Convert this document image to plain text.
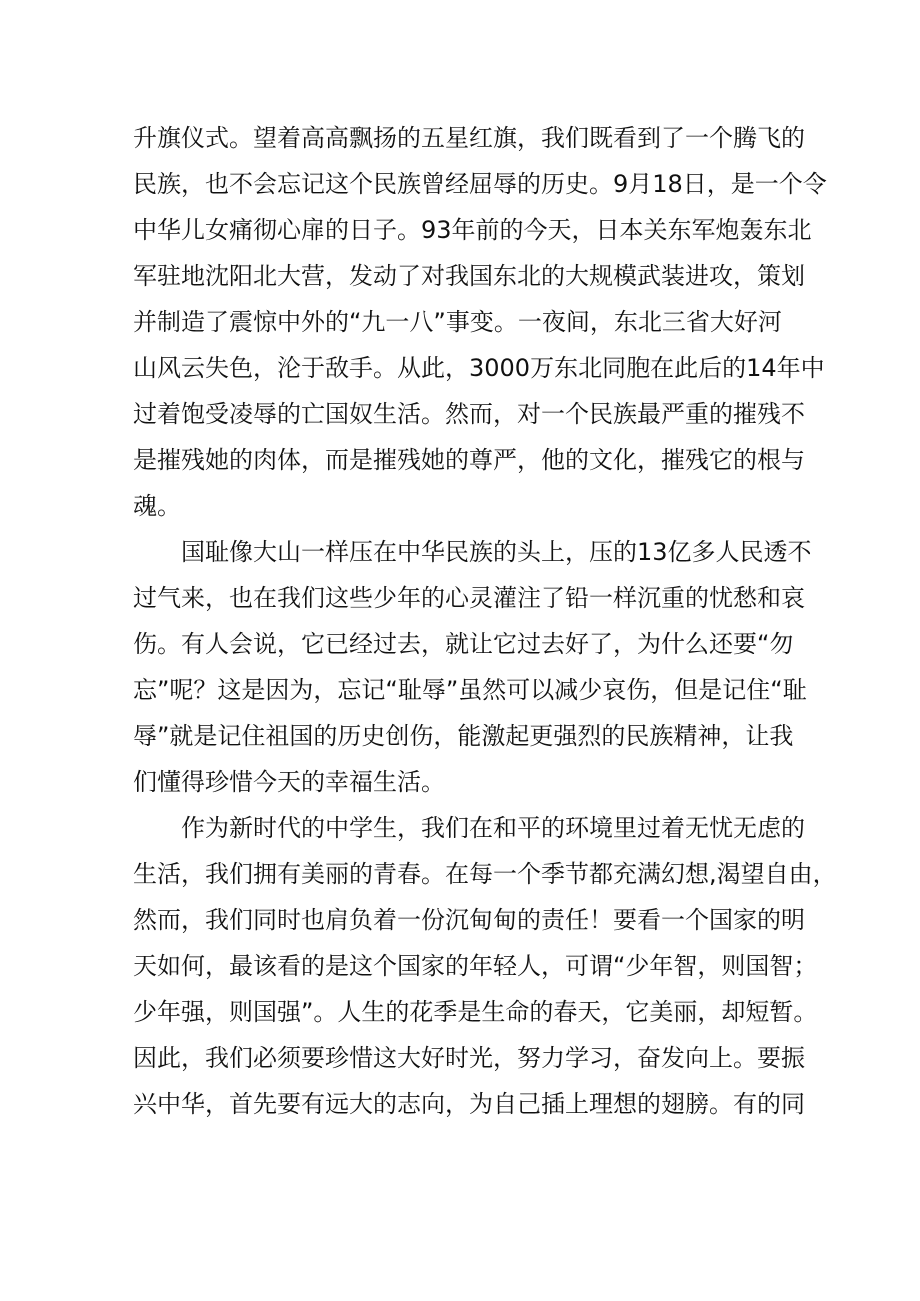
升旗仪式。望着高高飘扬的五星红旗，我们既看到了一个腾飞的
民族，也不会忘记这个民族曾经屈辱的历史。9月18日，是一个令
中华儿女痛彻心扉的日子。93年前的今天，日本关东军炮轰东北
军驻地沈阳北大营，发动了对我国东北的大规模武装进攻，策划
并制造了震惊中外的“九一八”事变。一夜间，东北三省大好河
山风云失色，沦于敌手。从此，3000万东北同胞在此后的14年中
过着饱受凌辱的亡国奴生活。然而，对一个民族最严重的摧残不
是摧残她的肉体，而是摧残她的尊严，他的文化，摧残它的根与
魂。
　　国耻像大山一样压在中华民族的头上，压的13亿多人民透不
过气来，也在我们这些少年的心灵灌注了铅一样沉重的忧愁和哀
伤。有人会说，它已经过去，就让它过去好了，为什么还要“勿
忘”呢？这是因为，忘记“耻辱”虽然可以减少哀伤，但是记住“耻
辱”就是记住祖国的历史创伤，能激起更强烈的民族精神，让我
们懂得珍惜今天的幸福生活。
　　作为新时代的中学生，我们在和平的环境里过着无忧无虑的
生活，我们拥有美丽的青春。在每一个季节都充满幻想,渴望自由，
然而，我们同时也肩负着一份沉甸甸的责任！要看一个国家的明
天如何，最该看的是这个国家的年轻人，可谓“少年智，则国智；
少年强，则国强”。人生的花季是生命的春天，它美丽，却短暂。
因此，我们必须要珍惜这大好时光，努力学习，奋发向上。要振
兴中华，首先要有远大的志向，为自己插上理想的翅膀。有的同
